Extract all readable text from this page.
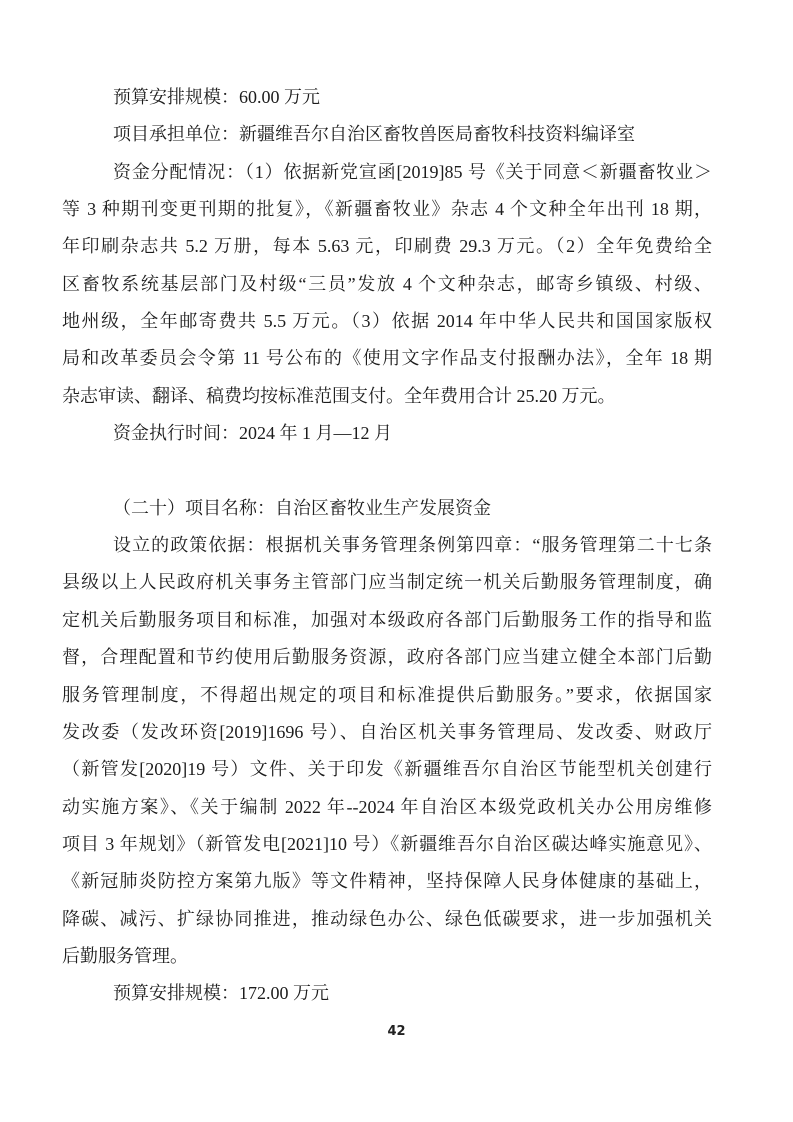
预算安排规模：60.00 万元
项目承担单位：新疆维吾尔自治区畜牧兽医局畜牧科技资料编译室
资金分配情况：（1）依据新党宣函[2019]85 号《关于同意＜新疆畜牧业＞
等 3 种期刊变更刊期的批复》，《新疆畜牧业》杂志 4 个文种全年出刊 18 期，
年印刷杂志共 5.2 万册，每本 5.63 元，印刷费 29.3 万元。（2）全年免费给全
区畜牧系统基层部门及村级“三员”发放 4 个文种杂志，邮寄乡镇级、村级、
地州级，全年邮寄费共 5.5 万元。（3）依据 2014 年中华人民共和国国家版权
局和改革委员会令第 11 号公布的《使用文字作品支付报酬办法》，全年 18 期
杂志审读、翻译、稿费均按标准范围支付。全年费用合计 25.20 万元。
资金执行时间：2024 年 1 月—12 月
（二十）项目名称：自治区畜牧业生产发展资金
设立的政策依据：根据机关事务管理条例第四章：“服务管理第二十七条
县级以上人民政府机关事务主管部门应当制定统一机关后勤服务管理制度，确
定机关后勤服务项目和标准，加强对本级政府各部门后勤服务工作的指导和监
督，合理配置和节约使用后勤服务资源，政府各部门应当建立健全本部门后勤
服务管理制度，不得超出规定的项目和标准提供后勤服务。”要求，依据国家
发改委（发改环资[2019]1696 号）、自治区机关事务管理局、发改委、财政厅
（新管发[2020]19 号）文件、关于印发《新疆维吾尔自治区节能型机关创建行
动实施方案》、《关于编制 2022 年--2024 年自治区本级党政机关办公用房维修
项目 3 年规划》（新管发电[2021]10 号）《新疆维吾尔自治区碳达峰实施意见》、
《新冠肺炎防控方案第九版》等文件精神，坚持保障人民身体健康的基础上，
降碳、减污、扩绿协同推进，推动绿色办公、绿色低碳要求，进一步加强机关
后勤服务管理。
预算安排规模：172.00 万元
42
